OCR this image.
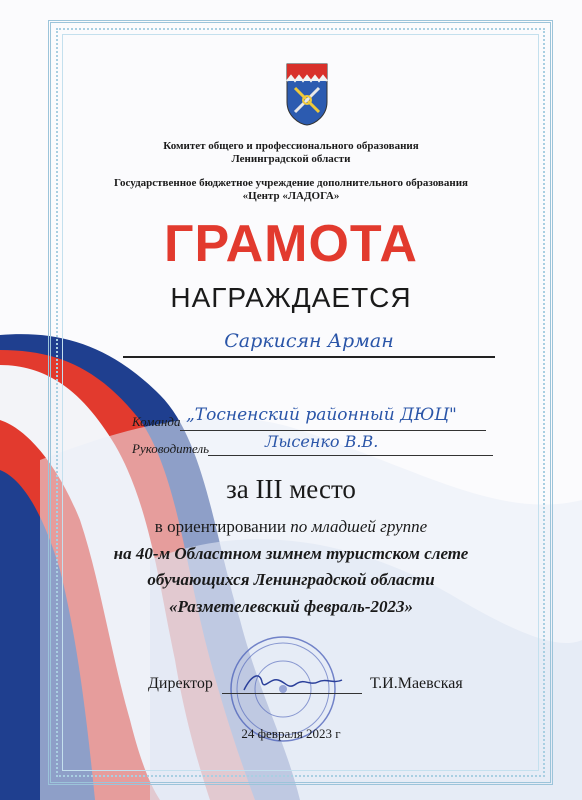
Комитет общего и профессионального образования
Ленинградской области
Государственное бюджетное учреждение дополнительного образования
«Центр «ЛАДОГА»
ГРАМОТА
НАГРАЖДАЕТСЯ
Саркисян Арман
Команда „Тосненский районный ДЮЦ"
Руководитель	Лысенко В.В.
за III место
в ориентировании по младшей группе
на 40-м Областном зимнем туристском слете
обучающихся Ленинградской области
«Разметелевский февраль-2023»
Директор	Т.И.Маевская
24 февраля 2023 г
